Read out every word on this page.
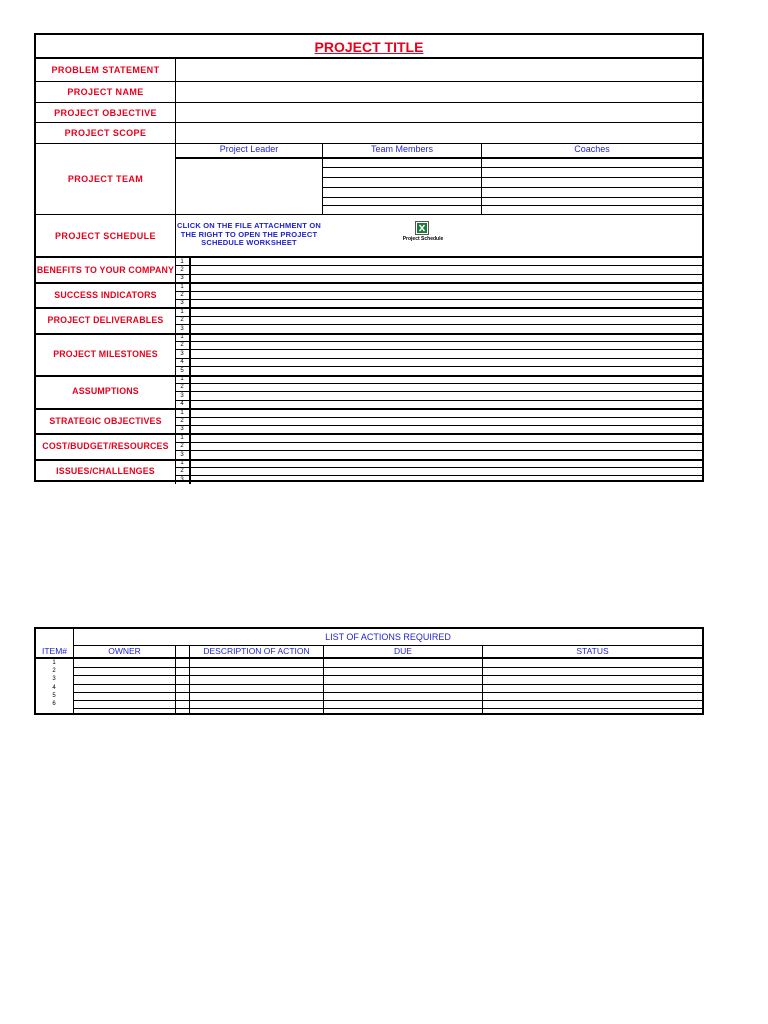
PROJECT TITLE
PROBLEM STATEMENT
PROJECT NAME
PROJECT OBJECTIVE
PROJECT SCOPE
PROJECT TEAM
Project Leader	Team Members	Coaches
PROJECT SCHEDULE
CLICK ON THE FILE ATTACHMENT ON THE RIGHT TO OPEN THE PROJECT SCHEDULE WORKSHEET	Project Schedule
BENEFITS TO YOUR COMPANY
1
2
3
SUCCESS INDICATORS
1
2
3
PROJECT DELIVERABLES
1
2
3
PROJECT MILESTONES
1
2
3
4
5
ASSUMPTIONS
1
2
3
4
STRATEGIC OBJECTIVES
1
2
3
COST/BUDGET/RESOURCES
1
2
3
ISSUES/CHALLENGES
1
2
3
LIST OF ACTIONS REQUIRED
ITEM#	OWNER	DESCRIPTION OF ACTION	DUE	STATUS
1
2
3
4
5
6
